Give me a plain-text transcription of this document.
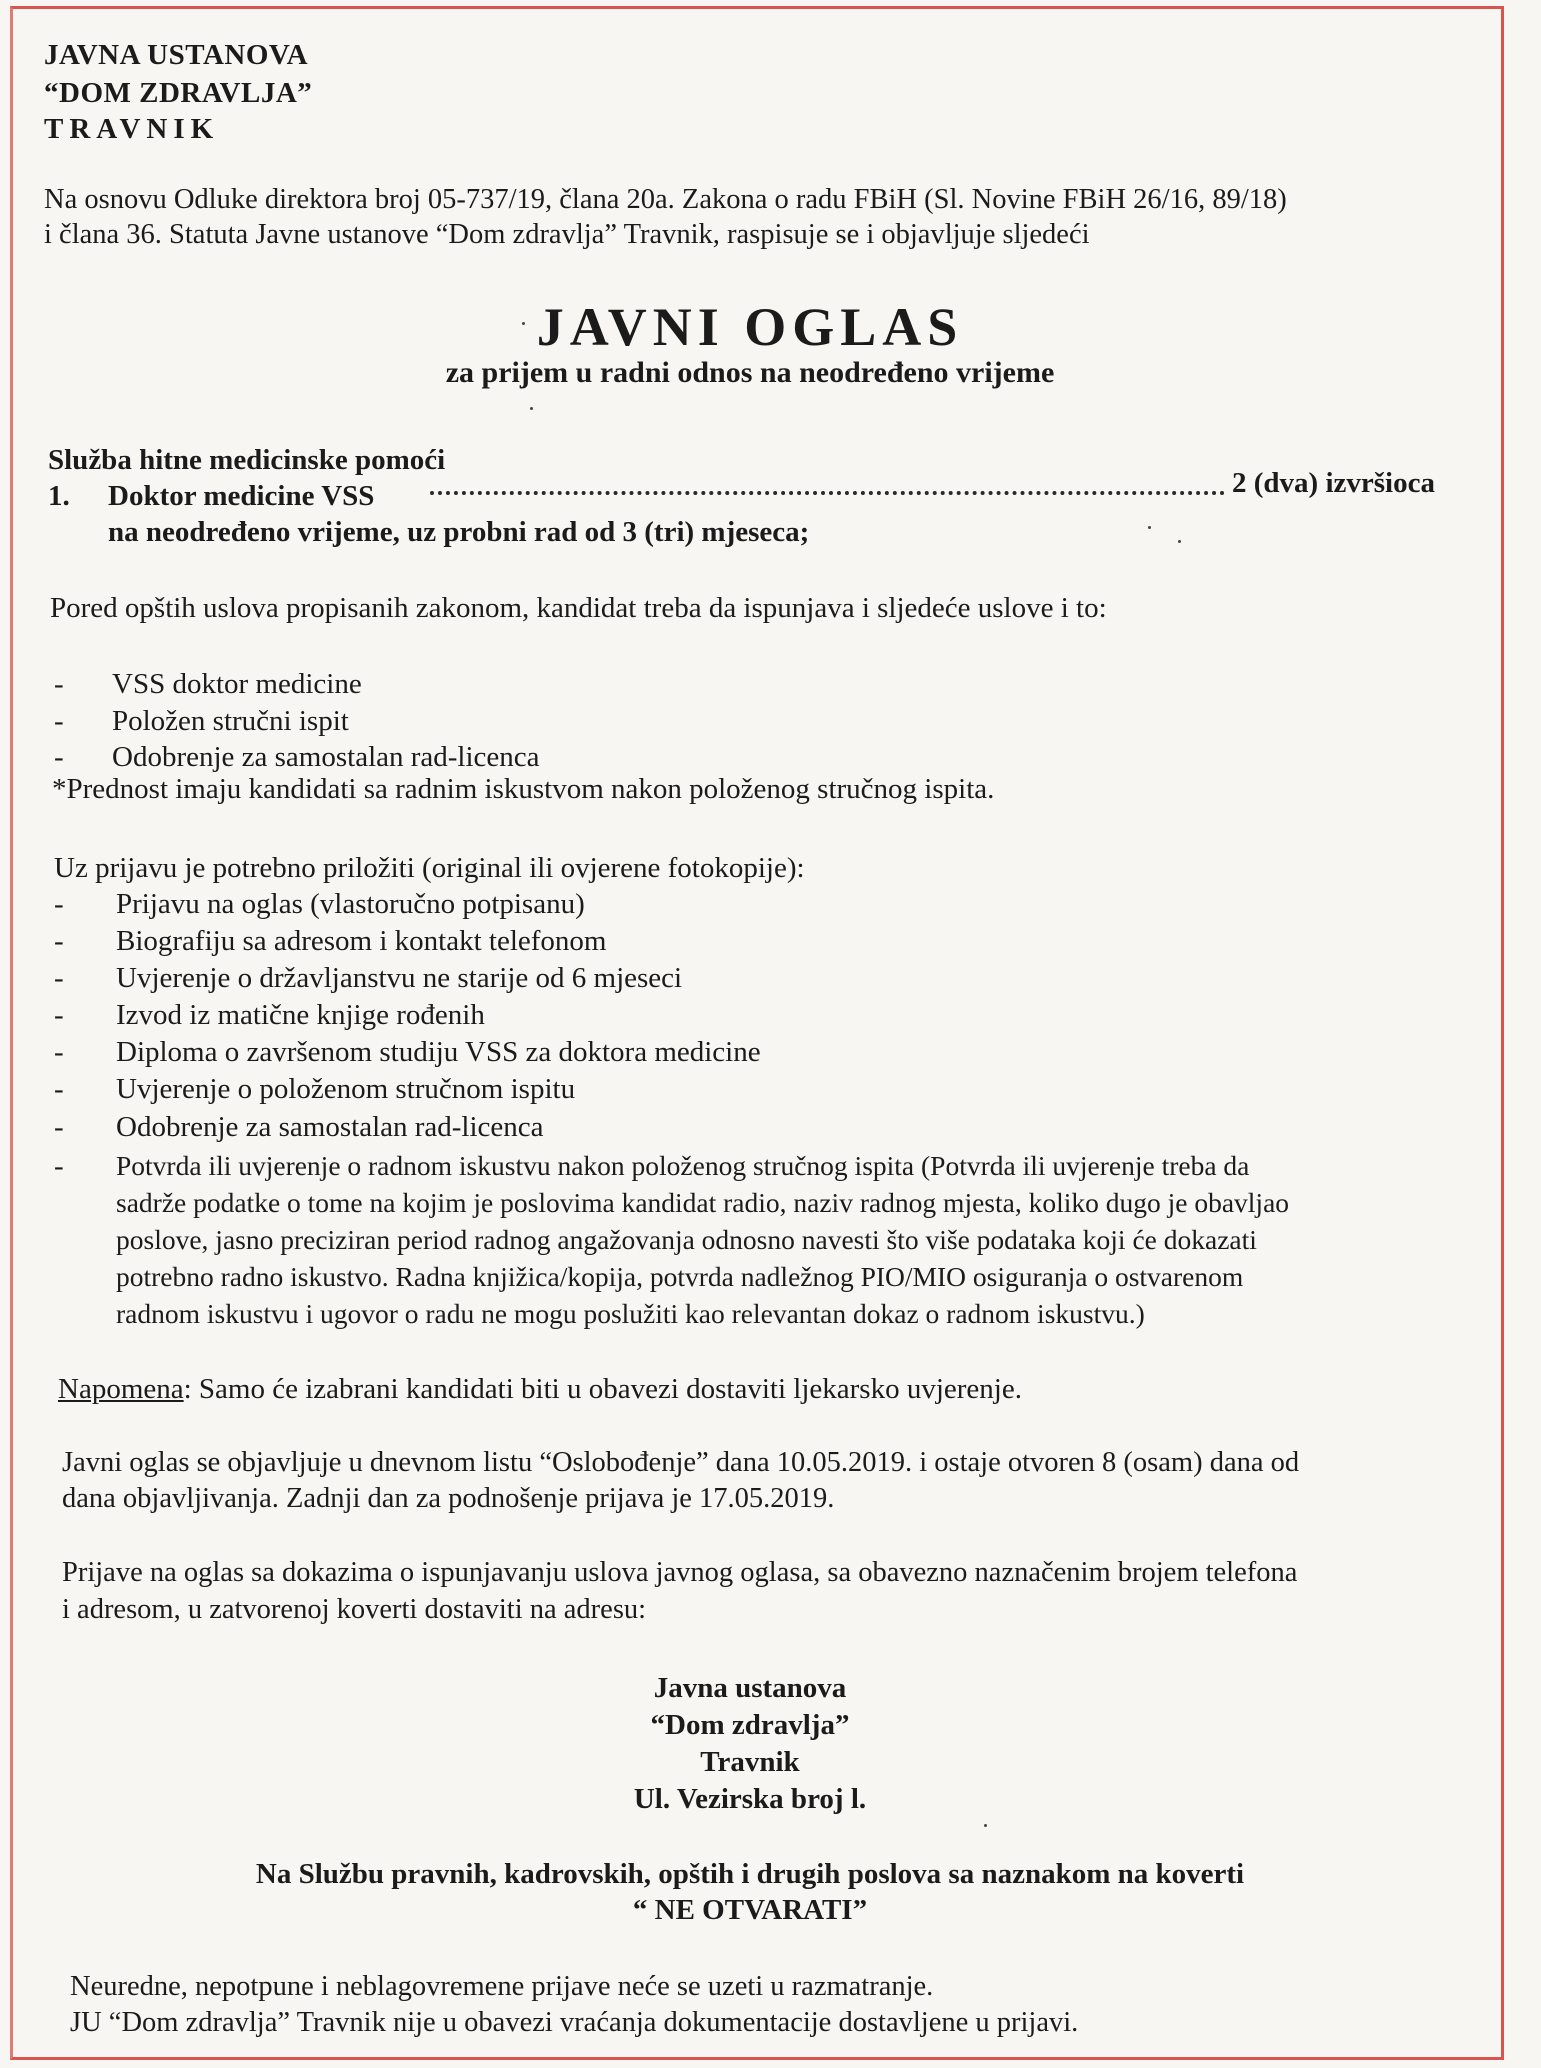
JAVNA USTANOVA
“DOM ZDRAVLJA”
TRAVNIK
Na osnovu Odluke direktora broj 05-737/19, člana 20a. Zakona o radu FBiH (Sl. Novine FBiH 26/16, 89/18)
i člana 36. Statuta Javne ustanove “Dom zdravlja” Travnik, raspisuje se i objavljuje sljedeći
JAVNI OGLAS
za prijem u radni odnos na neodređeno vrijeme
Služba hitne medicinske pomoći
1. Doktor medicine VSS	2 (dva) izvršioca
na neodređeno vrijeme, uz probni rad od 3 (tri) mjeseca;
Pored opštih uslova propisanih zakonom, kandidat treba da ispunjava i sljedeće uslove i to:
- VSS doktor medicine
- Položen stručni ispit
- Odobrenje za samostalan rad-licenca
*Prednost imaju kandidati sa radnim iskustvom nakon položenog stručnog ispita.
Uz prijavu je potrebno priložiti (original ili ovjerene fotokopije):
- Prijavu na oglas (vlastoručno potpisanu)
- Biografiju sa adresom i kontakt telefonom
- Uvjerenje o državljanstvu ne starije od 6 mjeseci
- Izvod iz matične knjige rođenih
- Diploma o završenom studiju VSS za doktora medicine
- Uvjerenje o položenom stručnom ispitu
- Odobrenje za samostalan rad-licenca
- Potvrda ili uvjerenje o radnom iskustvu nakon položenog stručnog ispita (Potvrda ili uvjerenje treba da
sadrže podatke o tome na kojim je poslovima kandidat radio, naziv radnog mjesta, koliko dugo je obavljao
poslove, jasno preciziran period radnog angažovanja odnosno navesti što više podataka koji će dokazati
potrebno radno iskustvo. Radna knjižica/kopija, potvrda nadležnog PIO/MIO osiguranja o ostvarenom
radnom iskustvu i ugovor o radu ne mogu poslužiti kao relevantan dokaz o radnom iskustvu.)
Napomena: Samo će izabrani kandidati biti u obavezi dostaviti ljekarsko uvjerenje.
Javni oglas se objavljuje u dnevnom listu “Oslobođenje” dana 10.05.2019. i ostaje otvoren 8 (osam) dana od
dana objavljivanja. Zadnji dan za podnošenje prijava je 17.05.2019.
Prijave na oglas sa dokazima o ispunjavanju uslova javnog oglasa, sa obavezno naznačenim brojem telefona
i adresom, u zatvorenoj koverti dostaviti na adresu:
Javna ustanova
“Dom zdravlja”
Travnik
Ul. Vezirska broj l.
Na Službu pravnih, kadrovskih, opštih i drugih poslova sa naznakom na koverti
“ NE OTVARATI”
Neuredne, nepotpune i neblagovremene prijave neće se uzeti u razmatranje.
JU “Dom zdravlja” Travnik nije u obavezi vraćanja dokumentacije dostavljene u prijavi.
